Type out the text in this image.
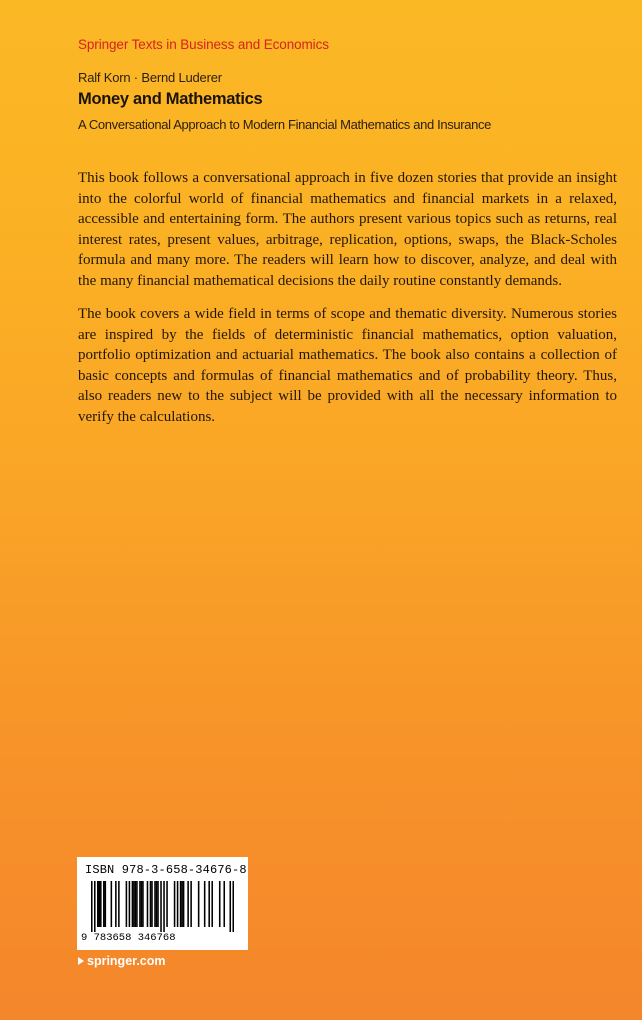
Springer Texts in Business and Economics
Ralf Korn · Bernd Luderer
Money and Mathematics
A Conversational Approach to Modern Financial Mathematics and Insurance

This book follows a conversational approach in five dozen stories that provide an insight into the colorful world of financial mathematics and financial markets in a relaxed, accessible and entertaining form. The authors present various topics such as returns, real interest rates, present values, arbitrage, replication, options, swaps, the Black-Scholes formula and many more. The readers will learn how to discover, analyze, and deal with the many financial mathematical decisions the daily routine constantly demands.

The book covers a wide field in terms of scope and thematic diversity. Numerous stories are inspired by the fields of deterministic financial mathematics, option valuation, portfolio optimization and actuarial mathematics. The book also contains a collection of basic concepts and formulas of financial mathematics and of probability theory. Thus, also readers new to the subject will be provided with all the necessary information to verify the calculations.

ISBN 978-3-658-34676-8
9 783658 346768
springer.com
